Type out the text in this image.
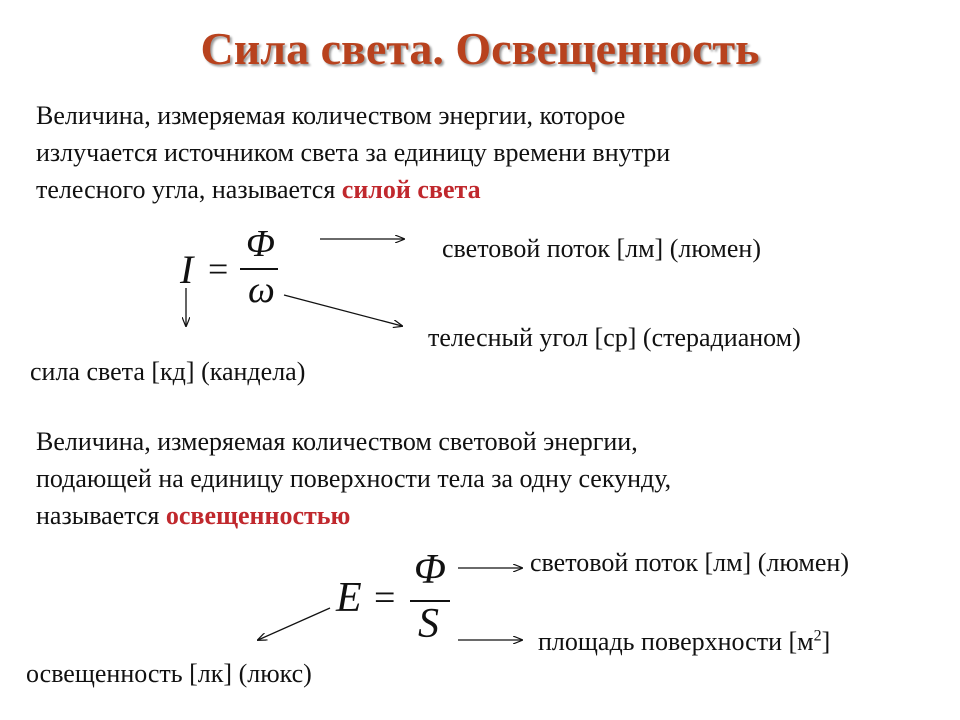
Сила света. Освещенность
Величина, измеряемая количеством энергии, которое
излучается источником света за единицу времени внутри
телесного угла, называется силой света
I =
Φ
ω
световой поток [лм] (люмен)
телесный угол [ср] (стерадианом)
сила света [кд] (кандела)
Величина, измеряемая количеством световой энергии,
подающей на единицу поверхности тела за одну секунду,
называется освещенностью
E =
Φ
S
световой поток [лм] (люмен)
площадь поверхности $[м^2]$
освещенность [лк] (люкс)
